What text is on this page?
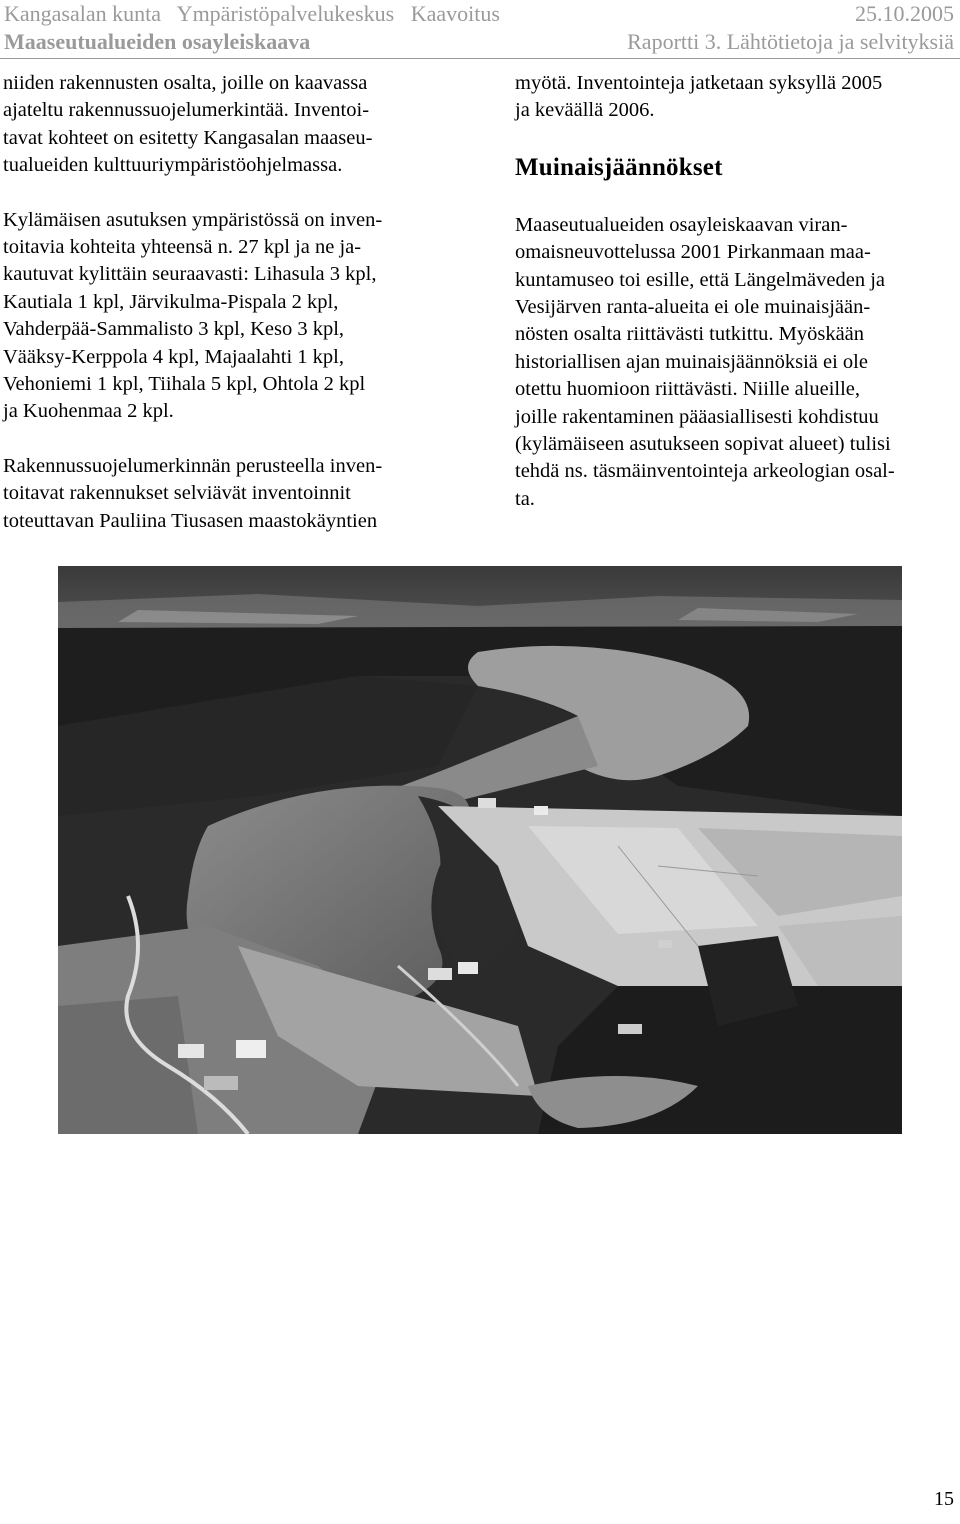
Kangasalan kunta   Ympäristöpalvelukeskus   Kaavoitus
Maaseutualueiden osayleiskaava
25.10.2005
Raportti 3. Lähtötietoja ja selvityksiä

niiden rakennusten osalta, joille on kaavassa
ajateltu rakennussuojelumerkintää. Inventoi-
tavat kohteet on esitetty Kangasalan maaseu-
tualueiden kulttuuriympäristöohjelmassa.

Kylämäisen asutuksen ympäristössä on inven-
toitavia kohteita yhteensä n. 27 kpl ja ne ja-
kautuvat kylittäin seuraavasti: Lihasula 3 kpl,
Kautiala 1 kpl, Järvikulma-Pispala 2 kpl,
Vahderpää-Sammalisto 3 kpl, Keso 3 kpl,
Vääksy-Kerppola 4 kpl, Majaalahti 1 kpl,
Vehoniemi 1 kpl, Tiihala 5 kpl, Ohtola 2 kpl
ja Kuohenmaa 2 kpl.

Rakennussuojelumerkinnän perusteella inven-
toitavat rakennukset selviävät inventoinnit
toteuttavan Pauliina Tiusasen maastokäyntien

myötä. Inventointeja jatketaan syksyllä 2005
ja keväällä 2006.

Muinaisjäännökset

Maaseutualueiden osayleiskaavan viran-
omaisneuvottelussa 2001 Pirkanmaan maa-
kuntamuseo toi esille, että Längelmäveden ja
Vesijärven ranta-alueita ei ole muinaisjään-
nösten osalta riittävästi tutkittu. Myöskään
historiallisen ajan muinaisjäännöksiä ei ole
otettu huomioon riittävästi. Niille alueille,
joille rakentaminen pääasiallisesti kohdistuu
(kylämäiseen asutukseen sopivat alueet) tulisi
tehdä ns. täsmäinventointeja arkeologian osal-
ta.

15
